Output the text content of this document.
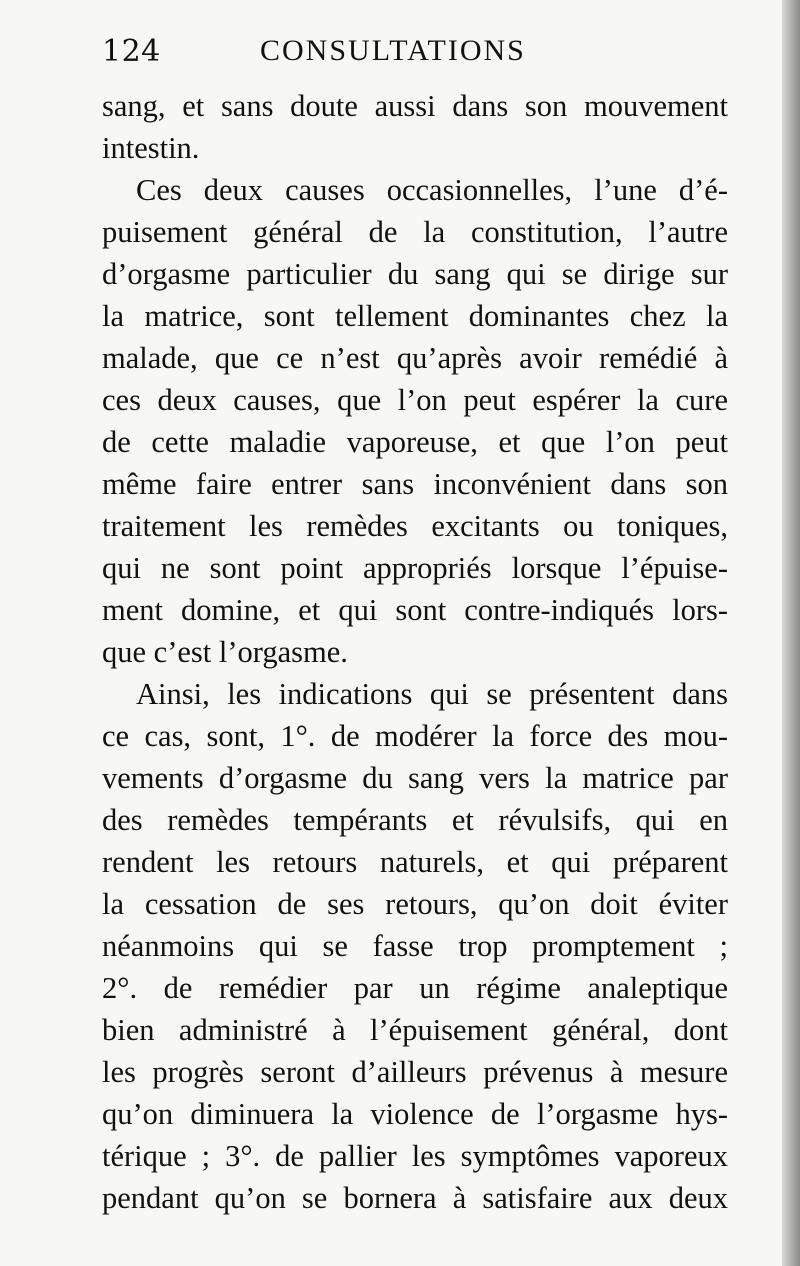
124	CONSULTATIONS
sang, et sans doute aussi dans son mouvement
intestin.
Ces deux causes occasionnelles, l’une d’é-
puisement général de la constitution, l’autre
d’orgasme particulier du sang qui se dirige sur
la matrice, sont tellement dominantes chez la
malade, que ce n’est qu’après avoir remédié à
ces deux causes, que l’on peut espérer la cure
de cette maladie vaporeuse, et que l’on peut
même faire entrer sans inconvénient dans son
traitement les remèdes excitants ou toniques,
qui ne sont point appropriés lorsque l’épuise-
ment domine, et qui sont contre-indiqués lors-
que c’est l’orgasme.
Ainsi, les indications qui se présentent dans
ce cas, sont, 1°. de modérer la force des mou-
vements d’orgasme du sang vers la matrice par
des remèdes tempérants et révulsifs, qui en
rendent les retours naturels, et qui préparent
la cessation de ses retours, qu’on doit éviter
néanmoins qui se fasse trop promptement ;
2°. de remédier par un régime analeptique
bien administré à l’épuisement général, dont
les progrès seront d’ailleurs prévenus à mesure
qu’on diminuera la violence de l’orgasme hys-
térique ; 3°. de pallier les symptômes vaporeux
pendant qu’on se bornera à satisfaire aux deux
